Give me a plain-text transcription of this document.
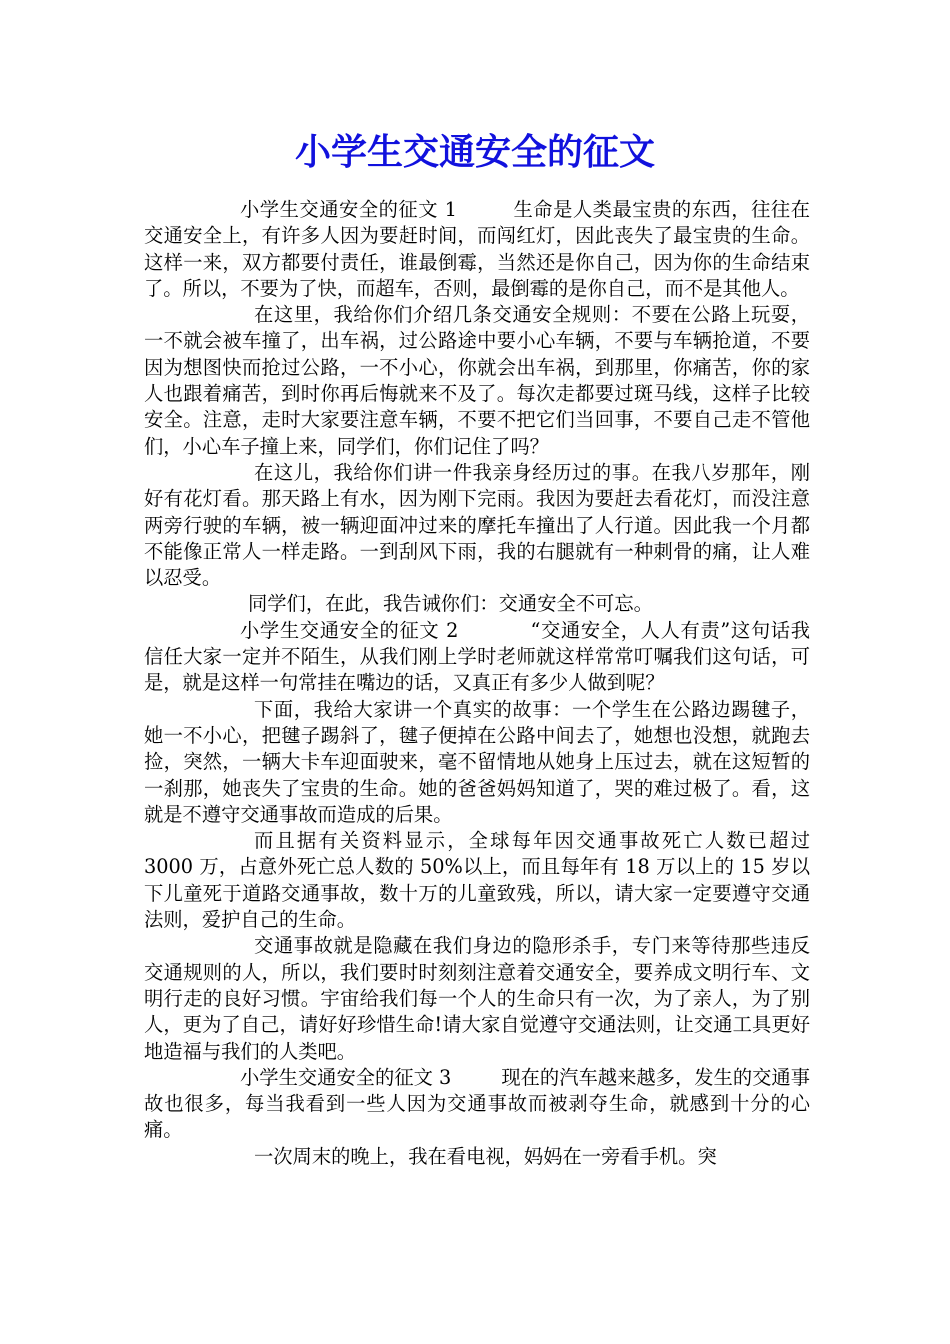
小学生交通安全的征文

小学生交通安全的征文 1	生命是人类最宝贵的东西，往往在交通安全上，有许多人因为要赶时间，而闯红灯，因此丧失了最宝贵的生命。这样一来，双方都要付责任，谁最倒霉，当然还是你自己，因为你的生命结束了。所以，不要为了快，而超车，否则，最倒霉的是你自己，而不是其他人。

在这里，我给你们介绍几条交通安全规则：不要在公路上玩耍，一不就会被车撞了，出车祸，过公路途中要小心车辆，不要与车辆抢道，不要因为想图快而抢过公路，一不小心，你就会出车祸，到那里，你痛苦，你的家人也跟着痛苦，到时你再后悔就来不及了。每次走都要过斑马线，这样子比较安全。注意，走时大家要注意车辆，不要不把它们当回事，不要自己走不管他们，小心车子撞上来，同学们，你们记住了吗？

在这儿，我给你们讲一件我亲身经历过的事。在我八岁那年，刚好有花灯看。那天路上有水，因为刚下完雨。我因为要赶去看花灯，而没注意两旁行驶的车辆，被一辆迎面冲过来的摩托车撞出了人行道。因此我一个月都不能像正常人一样走路。一到刮风下雨，我的右腿就有一种刺骨的痛，让人难以忍受。

同学们，在此，我告诫你们：交通安全不可忘。

小学生交通安全的征文 2	“交通安全，人人有责”这句话我信任大家一定并不陌生，从我们刚上学时老师就这样常常叮嘱我们这句话，可是，就是这样一句常挂在嘴边的话，又真正有多少人做到呢？

下面，我给大家讲一个真实的故事：一个学生在公路边踢毽子，她一不小心，把毽子踢斜了，毽子便掉在公路中间去了，她想也没想，就跑去捡，突然，一辆大卡车迎面驶来，毫不留情地从她身上压过去，就在这短暂的一刹那，她丧失了宝贵的生命。她的爸爸妈妈知道了，哭的难过极了。看，这就是不遵守交通事故而造成的后果。

而且据有关资料显示，全球每年因交通事故死亡人数已超过 3000 万，占意外死亡总人数的 50%以上，而且每年有 18 万以上的 15 岁以下儿童死于道路交通事故，数十万的儿童致残，所以，请大家一定要遵守交通法则，爱护自己的生命。

交通事故就是隐藏在我们身边的隐形杀手，专门来等待那些违反交通规则的人，所以，我们要时时刻刻注意着交通安全，要养成文明行车、文明行走的良好习惯。宇宙给我们每一个人的生命只有一次，为了亲人，为了别人，更为了自己，请好好珍惜生命!请大家自觉遵守交通法则，让交通工具更好地造福与我们的人类吧。

小学生交通安全的征文 3	现在的汽车越来越多，发生的交通事故也很多，每当我看到一些人因为交通事故而被剥夺生命，就感到十分的心痛。

一次周末的晚上，我在看电视，妈妈在一旁看手机。突
